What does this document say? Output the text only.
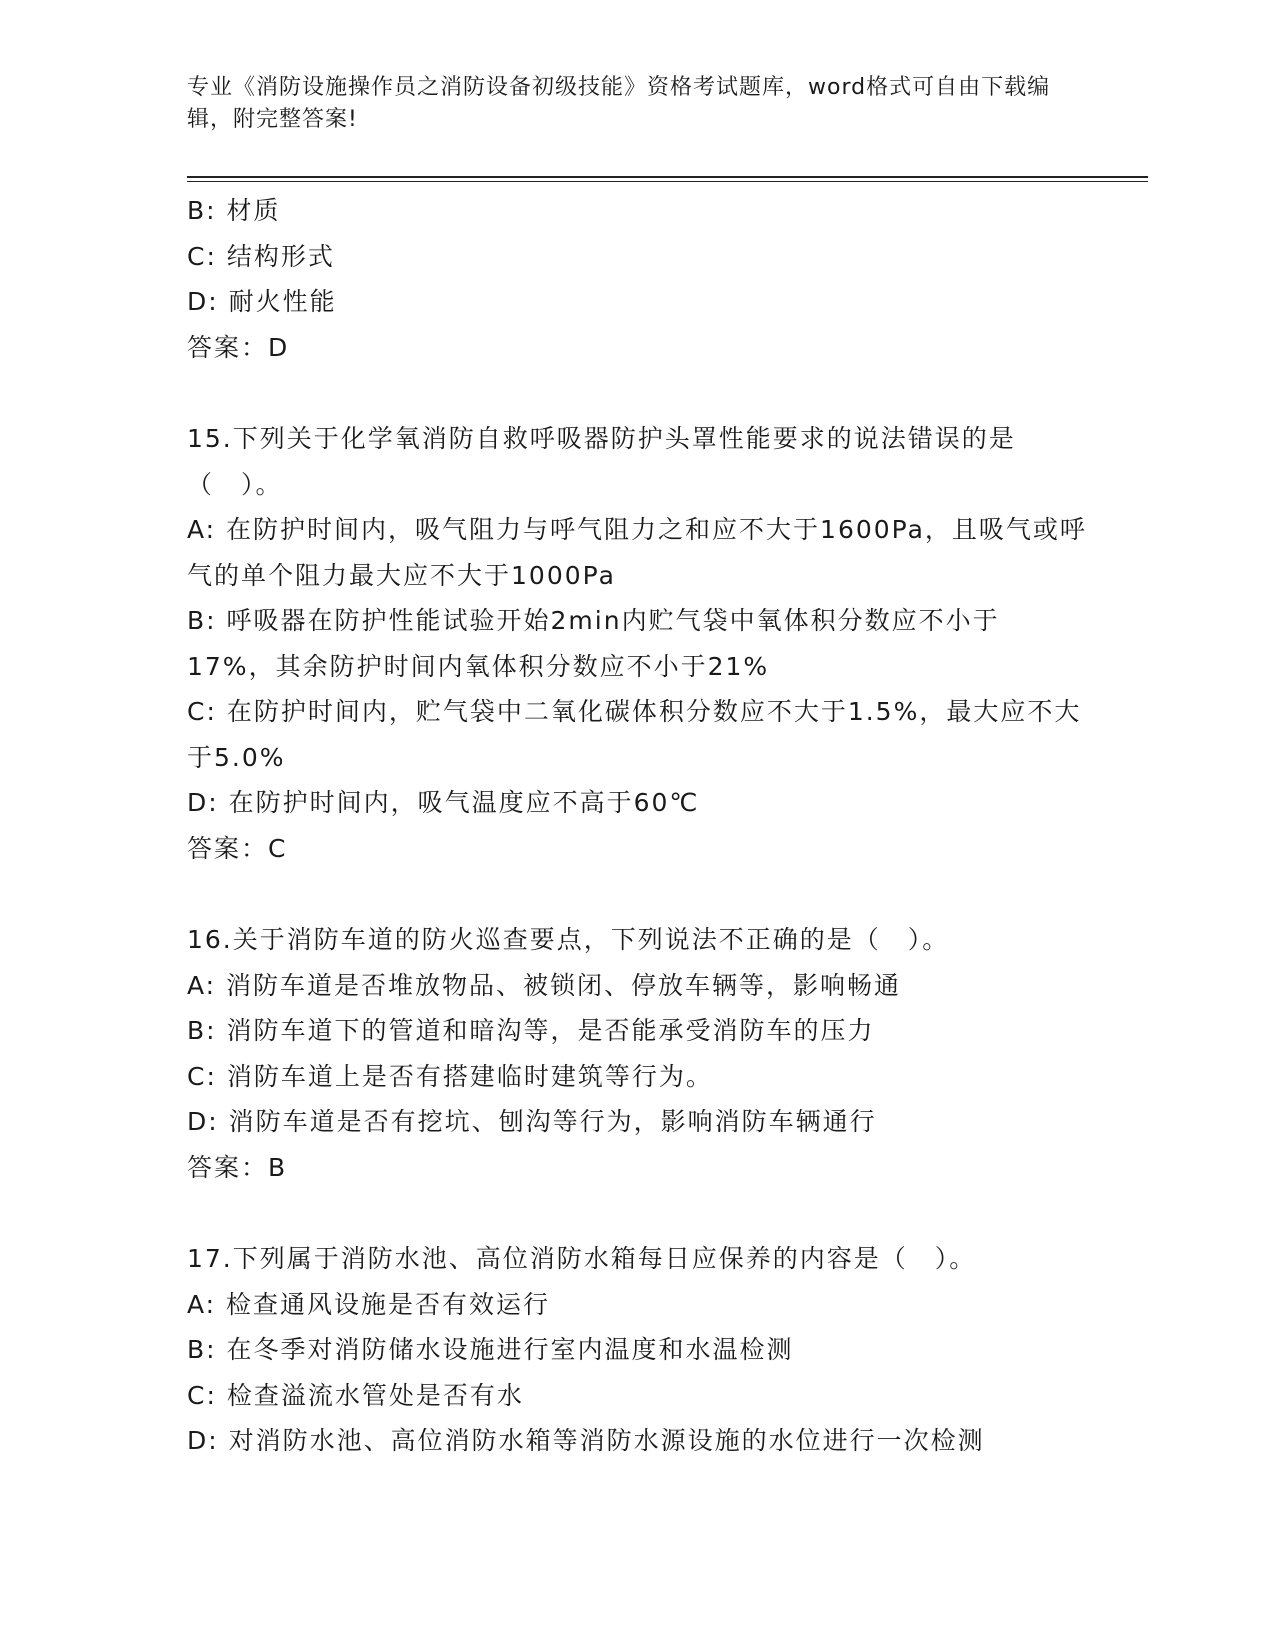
专业《消防设施操作员之消防设备初级技能》资格考试题库，word格式可自由下载编辑，附完整答案!
B: 材质
C: 结构形式
D: 耐火性能
答案：D
15.下列关于化学氧消防自救呼吸器防护头罩性能要求的说法错误的是（　）。
A: 在防护时间内，吸气阻力与呼气阻力之和应不大于1600Pa，且吸气或呼气的单个阻力最大应不大于1000Pa
B: 呼吸器在防护性能试验开始2min内贮气袋中氧体积分数应不小于17%，其余防护时间内氧体积分数应不小于21%
C: 在防护时间内，贮气袋中二氧化碳体积分数应不大于1.5%，最大应不大于5.0%
D: 在防护时间内，吸气温度应不高于60℃
答案：C
16.关于消防车道的防火巡查要点，下列说法不正确的是（　）。
A: 消防车道是否堆放物品、被锁闭、停放车辆等，影响畅通
B: 消防车道下的管道和暗沟等，是否能承受消防车的压力
C: 消防车道上是否有搭建临时建筑等行为。
D: 消防车道是否有挖坑、刨沟等行为，影响消防车辆通行
答案：B
17.下列属于消防水池、高位消防水箱每日应保养的内容是（　）。
A: 检查通风设施是否有效运行
B: 在冬季对消防储水设施进行室内温度和水温检测
C: 检查溢流水管处是否有水
D: 对消防水池、高位消防水箱等消防水源设施的水位进行一次检测
